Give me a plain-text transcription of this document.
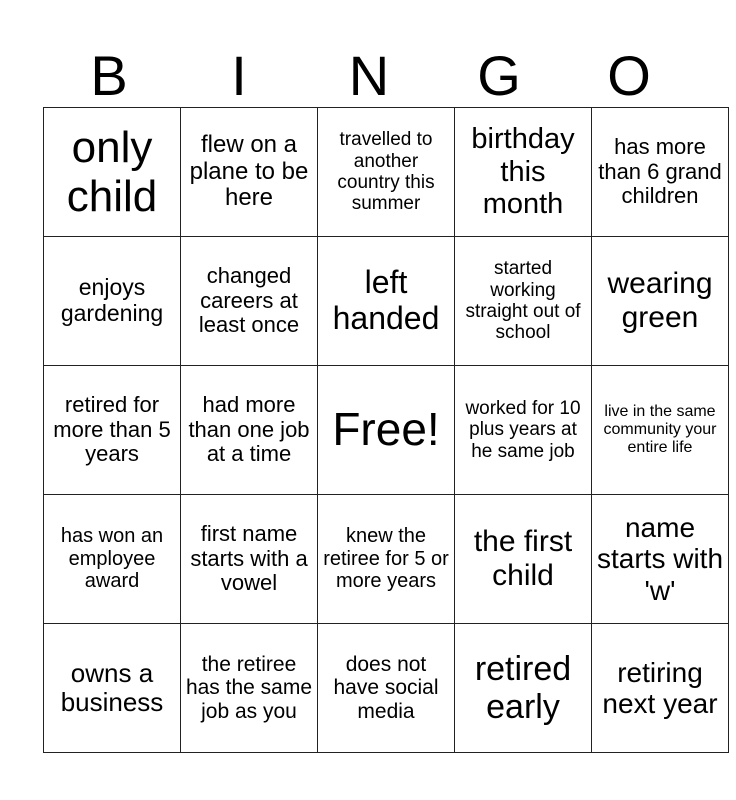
B	I	N	G	O
only child	flew on a plane to be here	travelled to another country this summer	birthday this month	has more than 6 grand children
enjoys gardening	changed careers at least once	left handed	started working straight out of school	wearing green
retired for more than 5 years	had more than one job at a time	Free!	worked for 10 plus years at he same job	live in the same community your entire life
has won an employee award	first name starts with a vowel	knew the retiree for 5 or more years	the first child	name starts with 'w'
owns a business	the retiree has the same job as you	does not have social media	retired early	retiring next year
